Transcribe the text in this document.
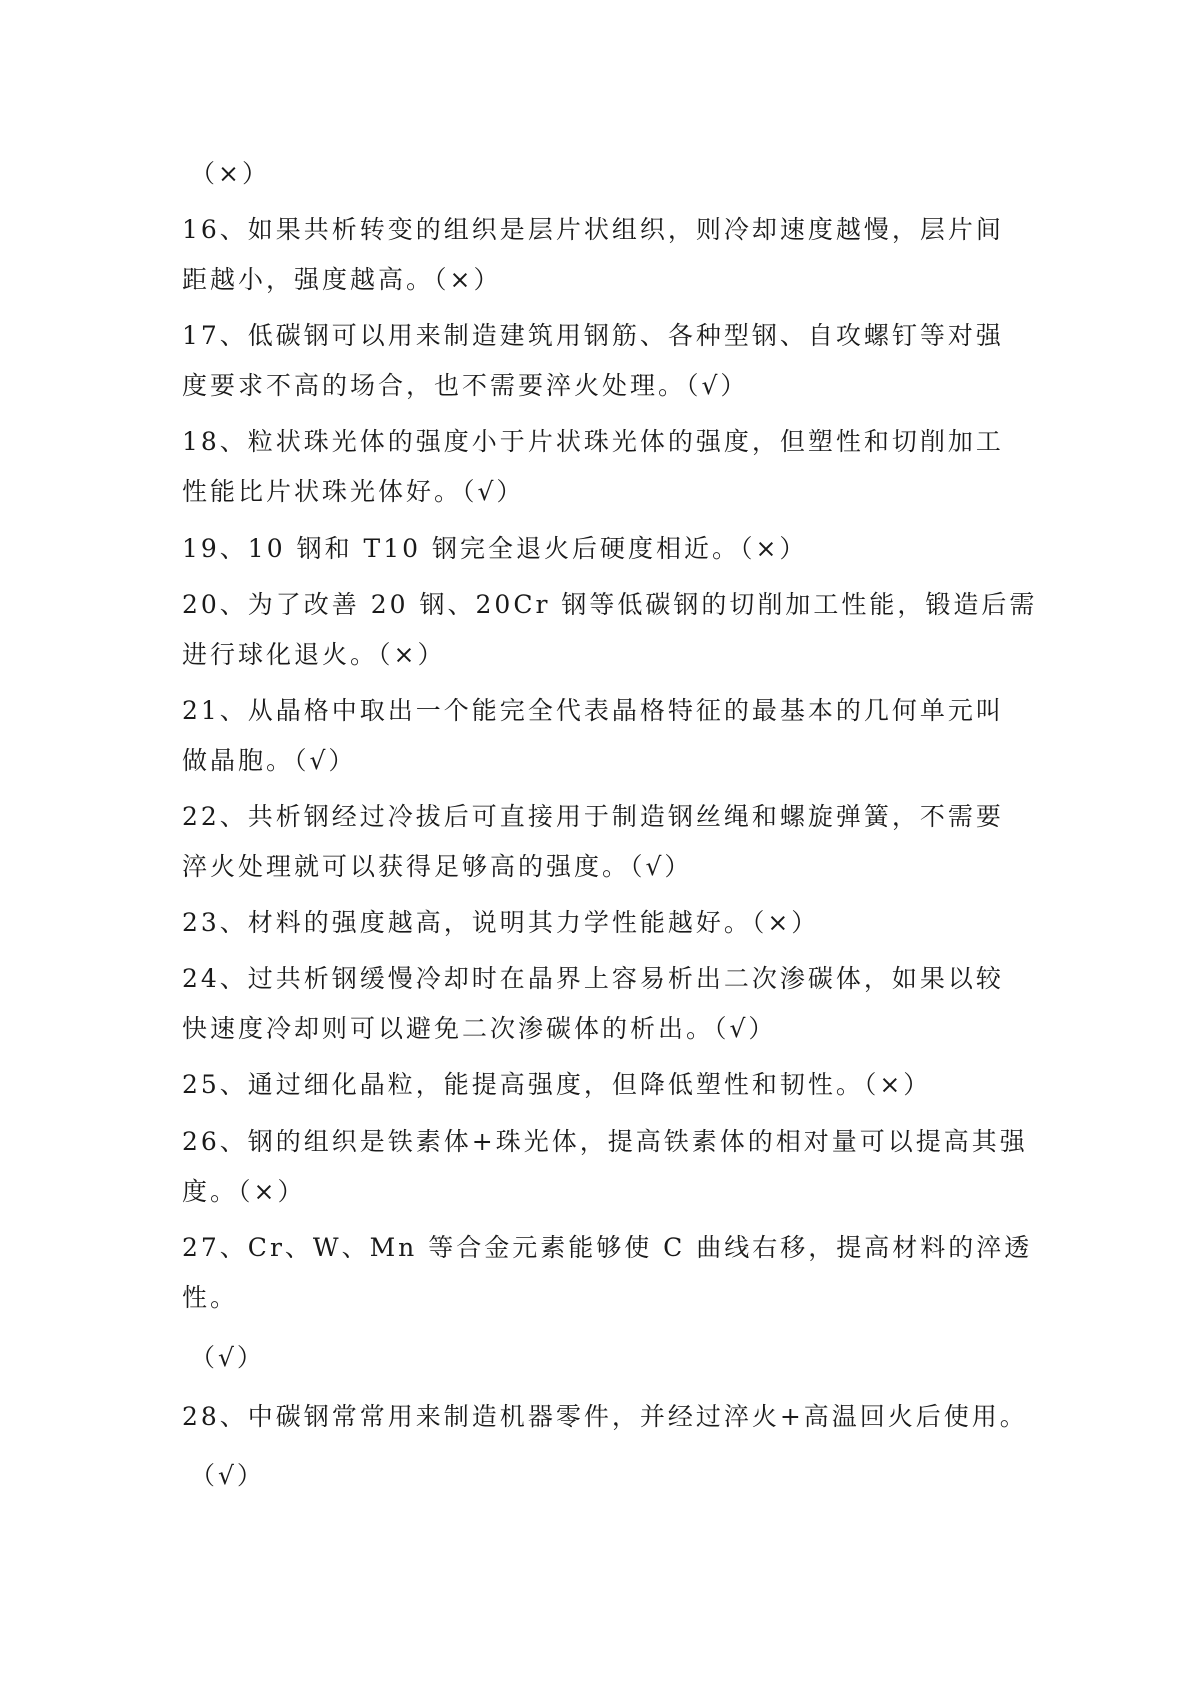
（×）
16、如果共析转变的组织是层片状组织，则冷却速度越慢，层片间
距越小，强度越高。（×）
17、低碳钢可以用来制造建筑用钢筋、各种型钢、自攻螺钉等对强
度要求不高的场合，也不需要淬火处理。（√）
18、粒状珠光体的强度小于片状珠光体的强度，但塑性和切削加工
性能比片状珠光体好。（√）
19、10 钢和 T10 钢完全退火后硬度相近。（×）
20、为了改善 20 钢、20Cr 钢等低碳钢的切削加工性能，锻造后需
进行球化退火。（×）
21、从晶格中取出一个能完全代表晶格特征的最基本的几何单元叫
做晶胞。（√）
22、共析钢经过冷拔后可直接用于制造钢丝绳和螺旋弹簧，不需要
淬火处理就可以获得足够高的强度。（√）
23、材料的强度越高，说明其力学性能越好。（×）
24、过共析钢缓慢冷却时在晶界上容易析出二次渗碳体，如果以较
快速度冷却则可以避免二次渗碳体的析出。（√）
25、通过细化晶粒，能提高强度，但降低塑性和韧性。（×）
26、钢的组织是铁素体+珠光体，提高铁素体的相对量可以提高其强
度。（×）
27、Cr、W、Mn 等合金元素能够使 C 曲线右移，提高材料的淬透
性。
（√）
28、中碳钢常常用来制造机器零件，并经过淬火+高温回火后使用。
（√）
